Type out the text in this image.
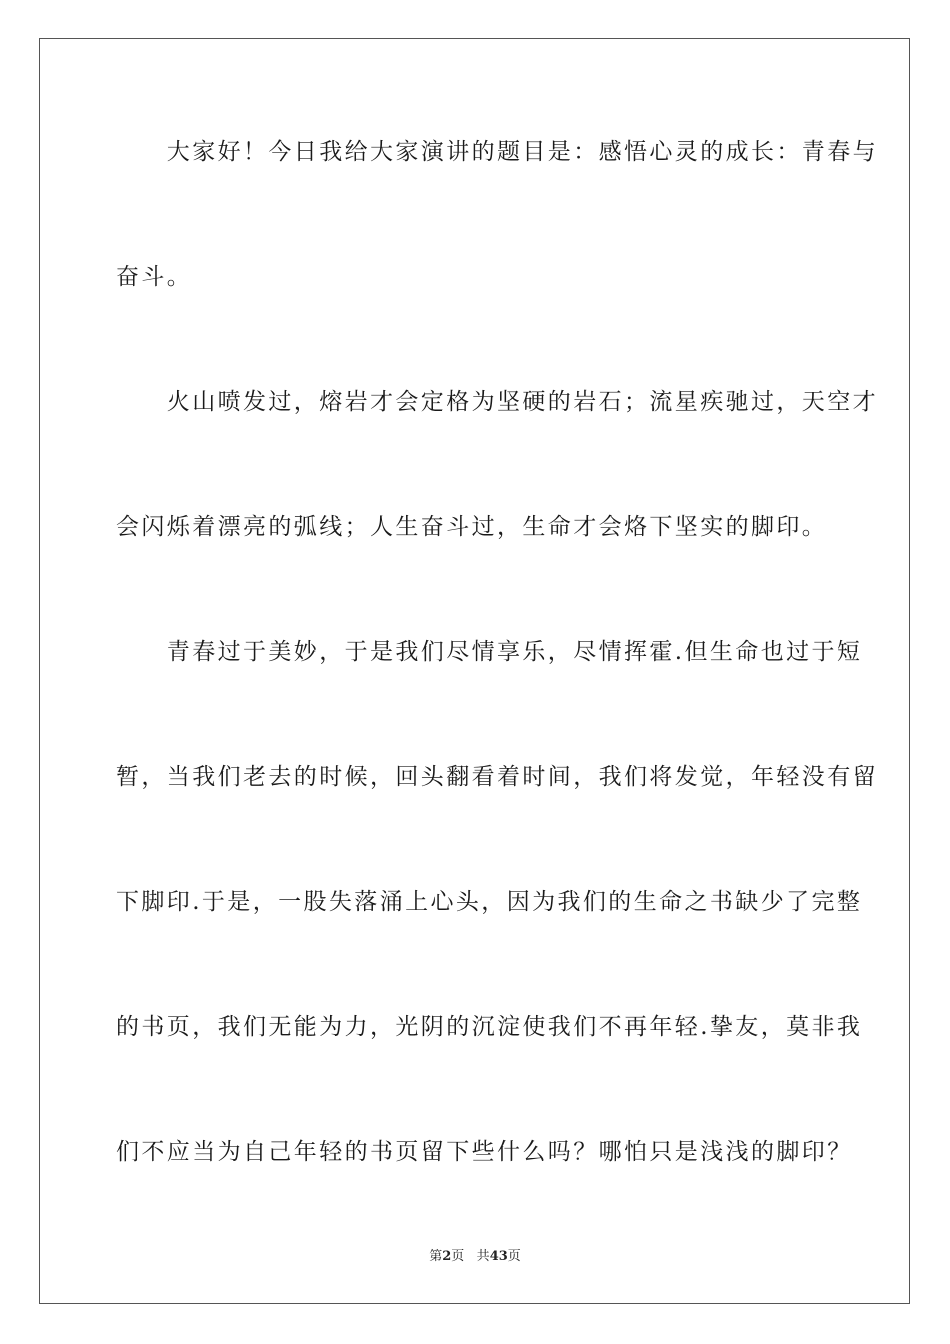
　　大家好！今日我给大家演讲的题目是：感悟心灵的成长：青春与
奋斗。
　　火山喷发过，熔岩才会定格为坚硬的岩石；流星疾驰过，天空才
会闪烁着漂亮的弧线；人生奋斗过，生命才会烙下坚实的脚印。
　　青春过于美妙，于是我们尽情享乐，尽情挥霍.但生命也过于短
暂，当我们老去的时候，回头翻看着时间，我们将发觉，年轻没有留
下脚印.于是，一股失落涌上心头，因为我们的生命之书缺少了完整
的书页，我们无能为力，光阴的沉淀使我们不再年轻.挚友，莫非我
们不应当为自己年轻的书页留下些什么吗？哪怕只是浅浅的脚印？
第2页 共43页
